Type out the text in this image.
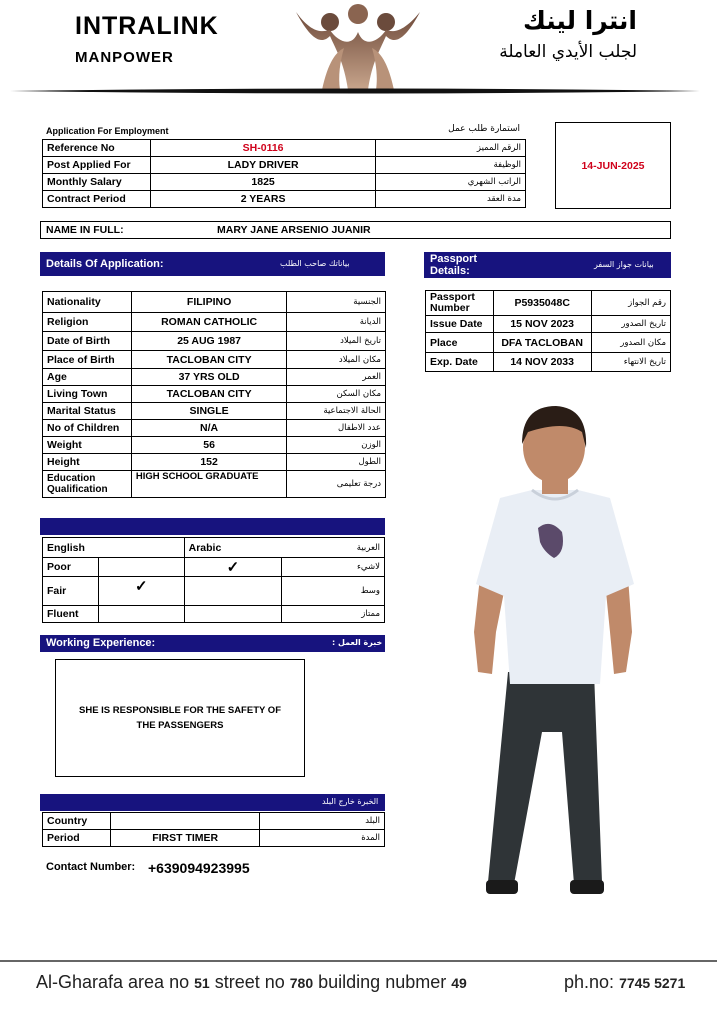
INTRALINK
MANPOWER
انترا لينك
لجلب الأيدي العاملة
Application For Employment	استمارة طلب عمل
Reference No	SH-0116	الرقم المميز
Post Applied For	LADY DRIVER	الوظيفة
Monthly Salary	1825	الراتب الشهري
Contract Period	2 YEARS	مدة العقد
14-JUN-2025
NAME IN FULL:	MARY JANE ARSENIO JUANIR
Details Of Application:	بياناتك صاحب الطلب
Nationality	FILIPINO	الجنسية
Religion	ROMAN CATHOLIC	الديانة
Date of Birth	25 AUG 1987	تاريخ الميلاد
Place of Birth	TACLOBAN CITY	مكان الميلاد
Age	37 YRS OLD	العمر
Living Town	TACLOBAN CITY	مكان السكن
Marital Status	SINGLE	الحالة الاجتماعية
No of Children	N/A	عدد الاطفال
Weight	56	الوزن
Height	152	الطول
Education Qualification	HIGH SCHOOL GRADUATE	درجة تعليمى
Passport Details:
بيانات جواز السفر
Passport Number	P5935048C	رقم الجواز
Issue Date	15 NOV 2023	تاريخ الصدور
Place	DFA TACLOBAN	مكان الصدور
Exp. Date	14 NOV 2033	تاريخ الانتهاء
English		Arabic	العربية
Poor		✓	لاشيء
Fair	✓		وسط
Fluent			ممتاز
Working Experience:	خبرة العمل :
SHE IS RESPONSIBLE FOR THE SAFETY OF THE PASSENGERS
الخبرة خارج البلد
Country		البلد
Period	FIRST TIMER	المدة
Contact Number: +639094923995
Al-Gharafa area no 51 street no 780 building nubmer 49	ph.no: 7745 5271
